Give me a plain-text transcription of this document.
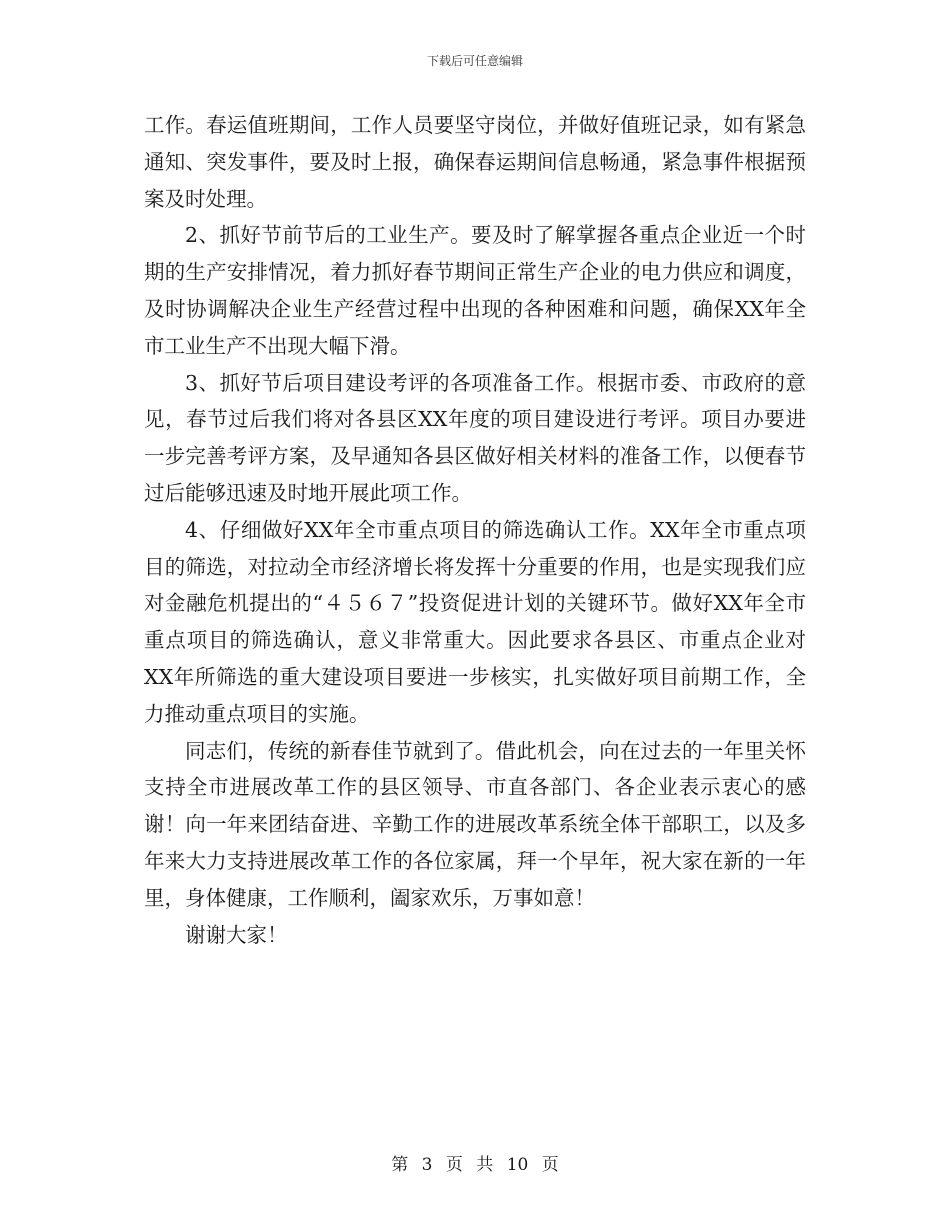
下载后可任意编辑

工作。春运值班期间，工作人员要坚守岗位，并做好值班记录，如有紧急通知、突发事件，要及时上报，确保春运期间信息畅通，紧急事件根据预案及时处理。

2、抓好节前节后的工业生产。要及时了解掌握各重点企业近一个时期的生产安排情况，着力抓好春节期间正常生产企业的电力供应和调度，及时协调解决企业生产经营过程中出现的各种困难和问题，确保XX年全市工业生产不出现大幅下滑。

3、抓好节后项目建设考评的各项准备工作。根据市委、市政府的意见，春节过后我们将对各县区XX年度的项目建设进行考评。项目办要进一步完善考评方案，及早通知各县区做好相关材料的准备工作，以便春节过后能够迅速及时地开展此项工作。

4、仔细做好XX年全市重点项目的筛选确认工作。XX年全市重点项目的筛选，对拉动全市经济增长将发挥十分重要的作用，也是实现我们应对金融危机提出的“４５６７”投资促进计划的关键环节。做好XX年全市重点项目的筛选确认，意义非常重大。因此要求各县区、市重点企业对XX年所筛选的重大建设项目要进一步核实，扎实做好项目前期工作，全力推动重点项目的实施。

同志们，传统的新春佳节就到了。借此机会，向在过去的一年里关怀支持全市进展改革工作的县区领导、市直各部门、各企业表示衷心的感谢！向一年来团结奋进、辛勤工作的进展改革系统全体干部职工，以及多年来大力支持进展改革工作的各位家属，拜一个早年，祝大家在新的一年里，身体健康，工作顺利，阖家欢乐，万事如意！

谢谢大家！

第 3 页 共 10 页
